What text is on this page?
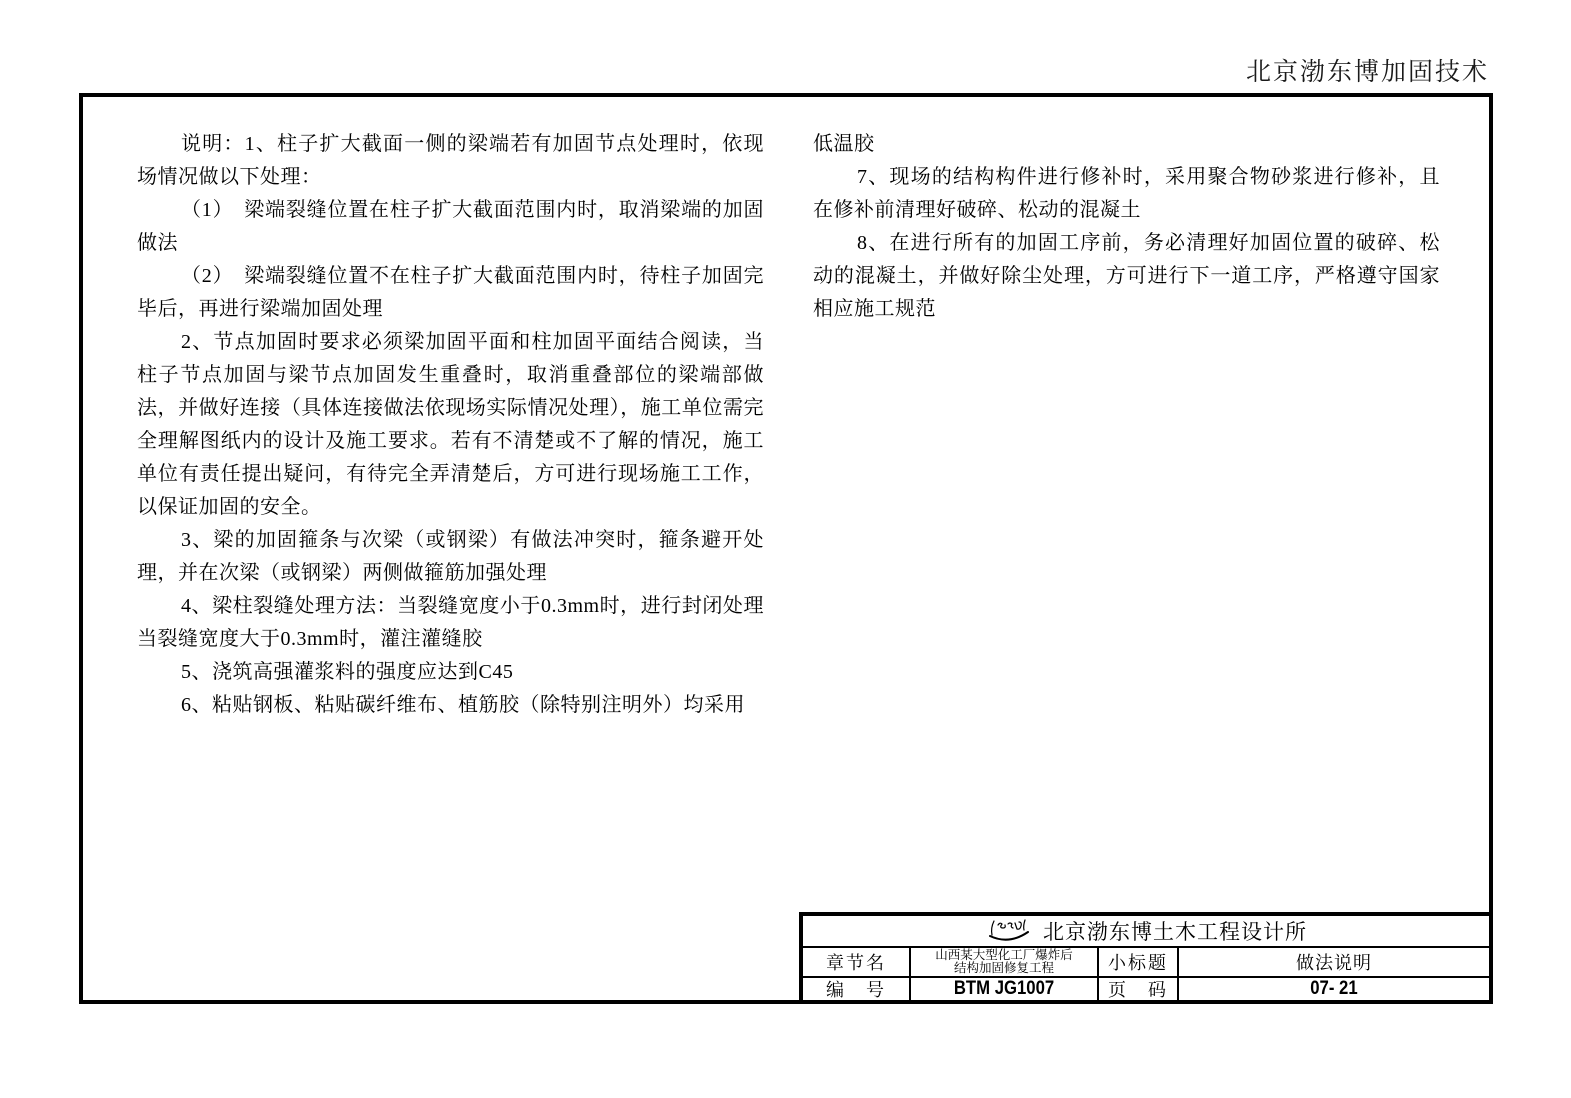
北京渤东博加固技术

说明：1、柱子扩大截面一侧的梁端若有加固节点处理时，依现场情况做以下处理：

（1）　梁端裂缝位置在柱子扩大截面范围内时，取消梁端的加固做法

（2）　梁端裂缝位置不在柱子扩大截面范围内时，待柱子加固完毕后，再进行梁端加固处理

2、节点加固时要求必须梁加固平面和柱加固平面结合阅读，当柱子节点加固与梁节点加固发生重叠时，取消重叠部位的梁端部做法，并做好连接（具体连接做法依现场实际情况处理），施工单位需完全理解图纸内的设计及施工要求。若有不清楚或不了解的情况，施工单位有责任提出疑问，有待完全弄清楚后，方可进行现场施工工作，以保证加固的安全。

3、梁的加固箍条与次梁（或钢梁）有做法冲突时，箍条避开处理，并在次梁（或钢梁）两侧做箍筋加强处理

4、梁柱裂缝处理方法：当裂缝宽度小于0.3mm时，进行封闭处理当裂缝宽度大于0.3mm时，灌注灌缝胶

5、浇筑高强灌浆料的强度应达到C45

6、粘贴钢板、粘贴碳纤维布、植筋胶（除特别注明外）均采用

低温胶

7、现场的结构构件进行修补时，采用聚合物砂浆进行修补，且在修补前清理好破碎、松动的混凝土

8、在进行所有的加固工序前，务必清理好加固位置的破碎、松动的混凝土，并做好除尘处理，方可进行下一道工序，严格遵守国家相应施工规范

北京渤东博土木工程设计所
章节名	山西某大型化工厂爆炸后
结构加固修复工程	小标题	做法说明
编　号	BTM JG1007	页　码	07- 21
